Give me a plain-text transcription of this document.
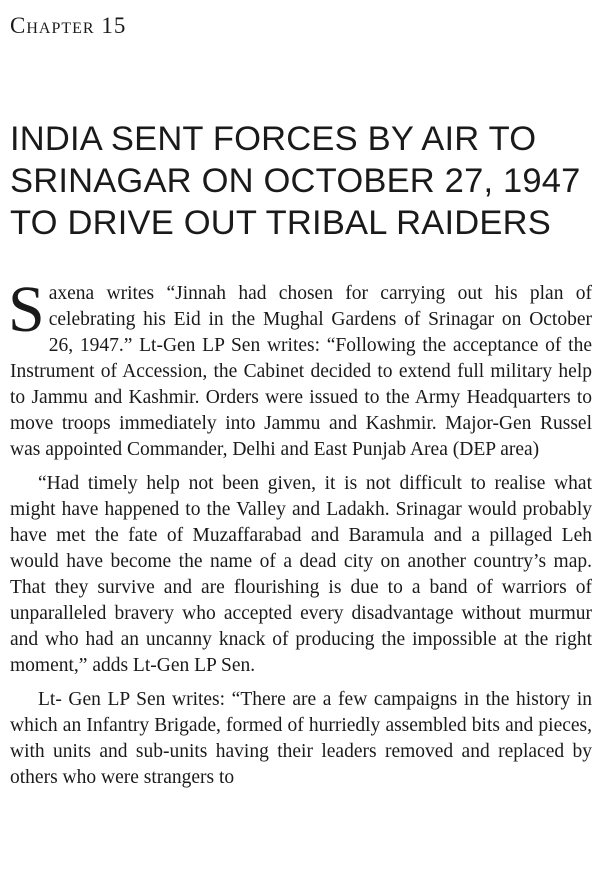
Chapter 15
INDIA SENT FORCES BY AIR TO
SRINAGAR ON OCTOBER 27, 1947
TO DRIVE OUT TRIBAL RAIDERS

Saxena writes “Jinnah had chosen for carrying out his plan of celebrating his Eid in the Mughal Gardens of Srinagar on October 26, 1947.” Lt-Gen LP Sen writes: “Following the acceptance of the Instrument of Accession, the Cabinet decided to extend full military help to Jammu and Kashmir. Orders were issued to the Army Headquarters to move troops immediately into Jammu and Kashmir. Major-Gen Russel was appointed Commander, Delhi and East Punjab Area (DEP area)

“Had timely help not been given, it is not difficult to realise what might have happened to the Valley and Ladakh. Srinagar would probably have met the fate of Muzaffarabad and Baramula and a pillaged Leh would have become the name of a dead city on another country’s map. That they survive and are flourishing is due to a band of warriors of unparalleled bravery who accepted every disadvantage without murmur and who had an uncanny knack of producing the impossible at the right moment,” adds Lt-Gen LP Sen.

Lt- Gen LP Sen writes: “There are a few campaigns in the history in which an Infantry Brigade, formed of hurriedly assembled bits and pieces, with units and sub-units having their leaders removed and replaced by others who were strangers to
